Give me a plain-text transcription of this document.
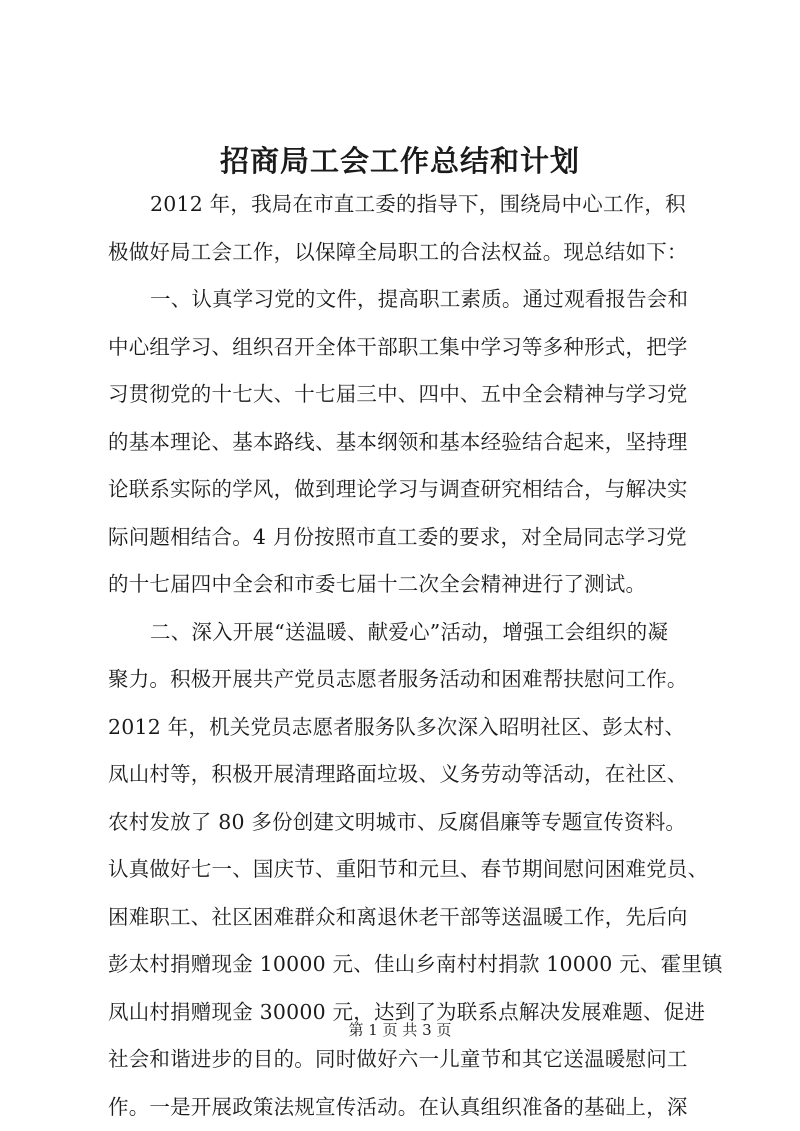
招商局工会工作总结和计划
2012 年，我局在市直工委的指导下，围绕局中心工作，积
极做好局工会工作，以保障全局职工的合法权益。现总结如下：
一、认真学习党的文件，提高职工素质。通过观看报告会和
中心组学习、组织召开全体干部职工集中学习等多种形式，把学
习贯彻党的十七大、十七届三中、四中、五中全会精神与学习党
的基本理论、基本路线、基本纲领和基本经验结合起来，坚持理
论联系实际的学风，做到理论学习与调查研究相结合，与解决实
际问题相结合。4 月份按照市直工委的要求，对全局同志学习党
的十七届四中全会和市委七届十二次全会精神进行了测试。
二、深入开展“送温暖、献爱心”活动，增强工会组织的凝
聚力。积极开展共产党员志愿者服务活动和困难帮扶慰问工作。
2012 年，机关党员志愿者服务队多次深入昭明社区、彭太村、
凤山村等，积极开展清理路面垃圾、义务劳动等活动，在社区、
农村发放了 80 多份创建文明城市、反腐倡廉等专题宣传资料。
认真做好七一、国庆节、重阳节和元旦、春节期间慰问困难党员、
困难职工、社区困难群众和离退休老干部等送温暖工作，先后向
彭太村捐赠现金 10000 元、佳山乡南村村捐款 10000 元、霍里镇
凤山村捐赠现金 30000 元，达到了为联系点解决发展难题、促进
社会和谐进步的目的。同时做好六一儿童节和其它送温暖慰问工
作。一是开展政策法规宣传活动。在认真组织准备的基础上，深
第 1 页 共 3 页
